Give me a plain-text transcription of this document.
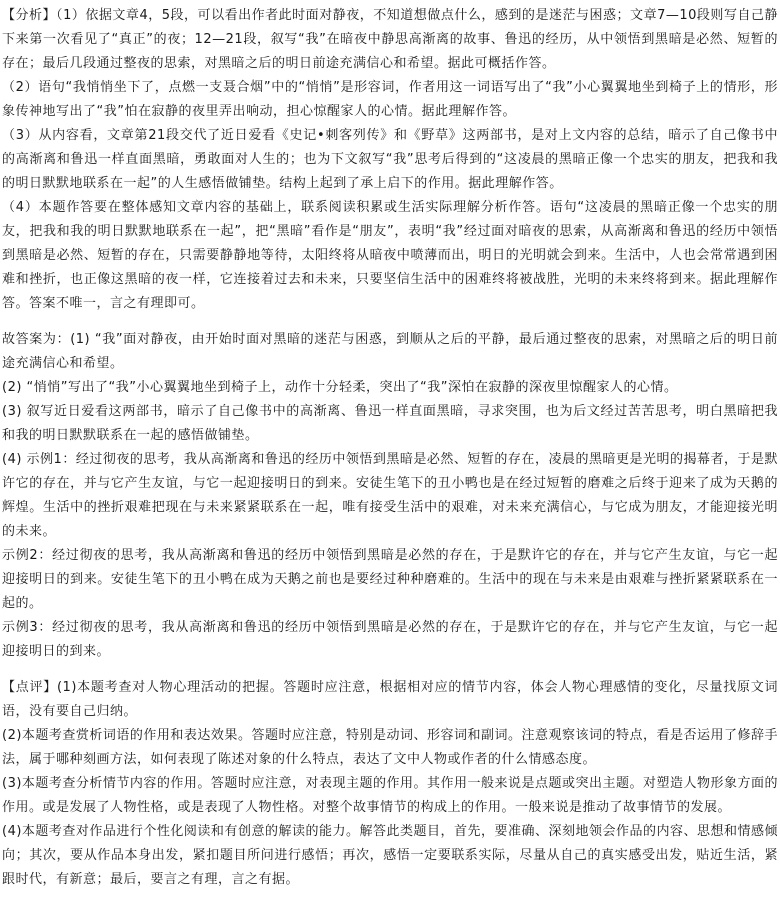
【分析】（1）依据文章4，5段，可以看出作者此时面对静夜，不知道想做点什么，感到的是迷茫与困惑；文章7—10段则写自己静下来第一次看见了“真正”的夜；12—21段，叙写“我”在暗夜中静思高渐离的故事、鲁迅的经历，从中领悟到黑暗是必然、短暂的存在；最后几段通过整夜的思索，对黑暗之后的明日前途充满信心和希望。据此可概括作答。

（2）语句“我悄悄坐下了，点燃一支聂合烟”中的“悄悄”是形容词，作者用这一词语写出了“我”小心翼翼地坐到椅子上的情形，形象传神地写出了“我”怕在寂静的夜里弄出响动，担心惊醒家人的心情。据此理解作答。

（3）从内容看，文章第21段交代了近日爱看《史记•刺客列传》和《野草》这两部书，是对上文内容的总结，暗示了自己像书中的高渐离和鲁迅一样直面黑暗，勇敢面对人生的；也为下文叙写“我”思考后得到的“这凌晨的黑暗正像一个忠实的朋友，把我和我的明日默默地联系在一起”的人生感悟做铺垫。结构上起到了承上启下的作用。据此理解作答。

（4）本题作答要在整体感知文章内容的基础上，联系阅读积累或生活实际理解分析作答。语句“这凌晨的黑暗正像一个忠实的朋友，把我和我的明日默默地联系在一起”，把“黑暗”看作是“朋友”，表明“我”经过面对暗夜的思索，从高渐离和鲁迅的经历中领悟到黑暗是必然、短暂的存在，只需要静静地等待，太阳终将从暗夜中喷薄而出，明日的光明就会到来。生活中，人也会常常遇到困难和挫折，也正像这黑暗的夜一样，它连接着过去和未来，只要坚信生活中的困难终将被战胜，光明的未来终将到来。据此理解作答。答案不唯一，言之有理即可。

故答案为：(1) “我”面对静夜，由开始时面对黑暗的迷茫与困惑，到顺从之后的平静，最后通过整夜的思索，对黑暗之后的明日前途充满信心和希望。

(2) “悄悄”写出了“我”小心翼翼地坐到椅子上，动作十分轻柔，突出了“我”深怕在寂静的深夜里惊醒家人的心情。

(3) 叙写近日爱看这两部书，暗示了自己像书中的高渐离、鲁迅一样直面黑暗，寻求突围，也为后文经过苦苦思考，明白黑暗把我和我的明日默默联系在一起的感悟做铺垫。

(4) 示例1：经过彻夜的思考，我从高渐离和鲁迅的经历中领悟到黑暗是必然、短暂的存在，凌晨的黑暗更是光明的揭幕者，于是默许它的存在，并与它产生友谊，与它一起迎接明日的到来。安徒生笔下的丑小鸭也是在经过短暂的磨难之后终于迎来了成为天鹅的辉煌。生活中的挫折艰难把现在与未来紧紧联系在一起，唯有接受生活中的艰难，对未来充满信心，与它成为朋友，才能迎接光明的未来。

示例2：经过彻夜的思考，我从高渐离和鲁迅的经历中领悟到黑暗是必然的存在，于是默许它的存在，并与它产生友谊，与它一起迎接明日的到来。安徒生笔下的丑小鸭在成为天鹅之前也是要经过种种磨难的。生活中的现在与未来是由艰难与挫折紧紧联系在一起的。

示例3：经过彻夜的思考，我从高渐离和鲁迅的经历中领悟到黑暗是必然的存在，于是默许它的存在，并与它产生友谊，与它一起迎接明日的到来。

【点评】(1)本题考查对人物心理活动的把握。答题时应注意，根据相对应的情节内容，体会人物心理感情的变化，尽量找原文词语，没有要自己归纳。

(2)本题考查赏析词语的作用和表达效果。答题时应注意，特别是动词、形容词和副词。注意观察该词的特点，看是否运用了修辞手法，属于哪种刻画方法，如何表现了陈述对象的什么特点，表达了文中人物或作者的什么情感态度。

(3)本题考查分析情节内容的作用。答题时应注意，对表现主题的作用。其作用一般来说是点题或突出主题。对塑造人物形象方面的作用。或是发展了人物性格，或是表现了人物性格。对整个故事情节的构成上的作用。一般来说是推动了故事情节的发展。

(4)本题考查对作品进行个性化阅读和有创意的解读的能力。解答此类题目，首先，要准确、深刻地领会作品的内容、思想和情感倾向；其次，要从作品本身出发，紧扣题目所问进行感悟；再次，感悟一定要联系实际，尽量从自己的真实感受出发，贴近生活，紧跟时代，有新意；最后，要言之有理，言之有据。
